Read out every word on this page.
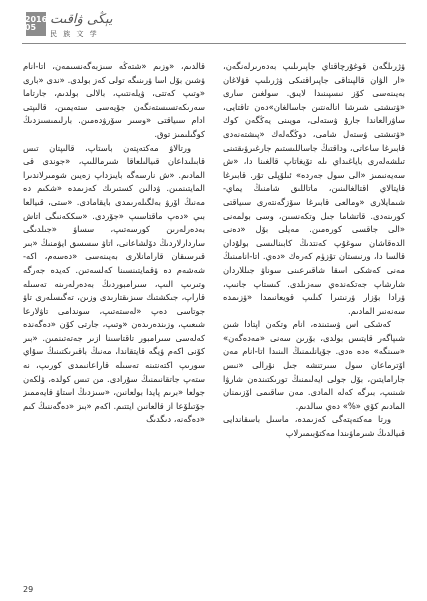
2016 05
يېڭى ۋاقىت
民 族 文 学

ۋژرىلگەن قوغۇرچاقتاي جاپىرىلىپ بەدەرىرلەنگەن، «ار الۋان قالپىتاقى جاپىراقتىكى ۋژرىلىپ قۋلاغان بەيىنەسى كۆز نىسپىنىدا لايىق. سولغىن سارى «ۋتىشتى شىرشا انالەنتىن جاسالغان»دەن تاقتايى، ساۋرالعاندا جارۇ ۋستەلى، مويىنى يەڭگەن كوك «ۋتىشتى ۋستەل شامى، دوڭگەلەك «پىشتەنەدى قابىرغا ساعاتى، وداقتىڭ جاساللىستىم جارغىرۋىقتىنى تىلشەلەرى باياغىداي ىلە تۆيغاتاپ قالغىنا دا، «ش سەيەنىمىز «الى سول جەردە» ئىلۆپلى تۇر. قابىرغا قايتالاي اقتالغالىنىن، ماتاللىق شامنىڭ يماي-شىمايلارى «ومالعى قابىرغا سۆزگەنتەرى سىياقتى كورىنەدى. قاتشاما جىل وتكەنسىن، وسى بولمەنى «الى جاقسى كورەمىن. مەيلى بۆل «دەنى الدەقاشان سوغۇپ كەنتدىڭ كابىنالىسى بولۇدان قالسا دا، ورنىستان تۆزۈم كەرەك «دەي. اتا-انامىنىڭ مەنى كەشكى اسقا شاقىرعىنى سوناۋ جىللاردان شارشاپ جەتكەندەي سەزىلدى. كىستاپ جانىپ، ۋرادا بۆزار ۋرنىتىرا كىلىپ قويعانىمدا «ۋزىمدە سەنەنىر المادىم.

كەشكى اس ۋستىندە، انام وتكەن اپتادا شىن شىپاگەر قايتىس بولدى، بۆرىن سەنى «مەدەگەن» «سىنگە» ەدە ەدى. جۆيانلىمنىڭ الىنىدا اتا-انام مەن اۆترماعان سول سىرتنشە جىل نۆرالى «نىس جارامايتىن، بۆل جولى ايەلىمنىڭ تورىكتىندەن شارۋا شىنىپ، بىرگە كەلە المادى. مەن ساقىمى اۆزىمنان المادىم كۆي «%» دەي سالدىم.

ورتا مەكتەپتەگى كەزىمدە، ماسىل باسقاندايى قىيالدىڭ شىرماۋىندا مەكتۇبىمىرلاپ

قالدىم، «وزىم «شتەڭە سىزبەگەنسىمەن، اتا-انام ۋشىن بۆل اسا ۋرىنىگە تولى كەز بولدى. «ندى «بارى «وتىپ كەتتى، ۋيلەنتىپ، بالالى بولدىم، جارتاما سەرىكەتسىستەنگەن جۆيەسى ستەيمىن، قالىپتى ادام سىياقتى «وسىر سۆرۋدەمىن. بارلىمىسىزدىڭ كوگىلىمىز توق.

ورتالاۋ مەكتەپتەن باستاپ، قالىپتان تىس قابىلىداعان قىيالىلعاقا شىرماللىپ، «جوندى قى المادىم. «ش نارسەگە بايىزداپ زەيىن شومىرلاندىرا المايتىنمىن. ۋدالىن كستىرىك كەزىمدە «شكىم دە مەنىڭ اۆرۋ بەلگىلەرىمدى بايقامادى. «ستى، قىيالعا بىي «دەپ ماقتاسىپ «جۆردى. «سككەنىگى اتاش بەدەرلەرىن كورسەتىپ، سساۋ «جىلدىگى ساردارلاردىڭ دۆلشاعانى، اتاۋ سسسق ايۋمنىڭ «بىر قىرسىقان قارامانلارى بەيىنەسى «دەسەم، اكە-شەشەم دە ۋقمايتىنسىنا كەلسەتىن. كەيدە جەرگە وتىرىپ الىپ، سىرامبوردىڭ بەدەرلەرىنە تەسىلە قاراپ، جىكشتىك سىزىقتارىدى وزىن، تەگىسلەرى تاۋ جوتاسى دەپ «لەستەتىپ، سوندامى تاۋلارعا شىعىپ، وزىندەرىدەن «وتىپ، جارتى كۆن «دەگەندە كەلەسى سىرامبور تاقتاسىنا ازىر جەتەتىنمىن. «بىر كۆنى اكەم ۋيگە قايتقاندا، مەنىڭ باقىرىكتىنىڭ سۇاي سورىپ اكتەنتىنە تەسىلە قاراعانىمدى كورىپ، نە ستەپ جاتقانىمنىڭ سۇرادى. من تىس كولدە، ۋلكەن جولعا «برىم پايدا بولعانىن، «سىزدىڭ استاۋ قايەممىز جۆتىلۆعا از قالعانىن ايتتىم. اكەم «بىز «دەگەننىڭ كىم «دەگەنە، دىگدىگ

29
